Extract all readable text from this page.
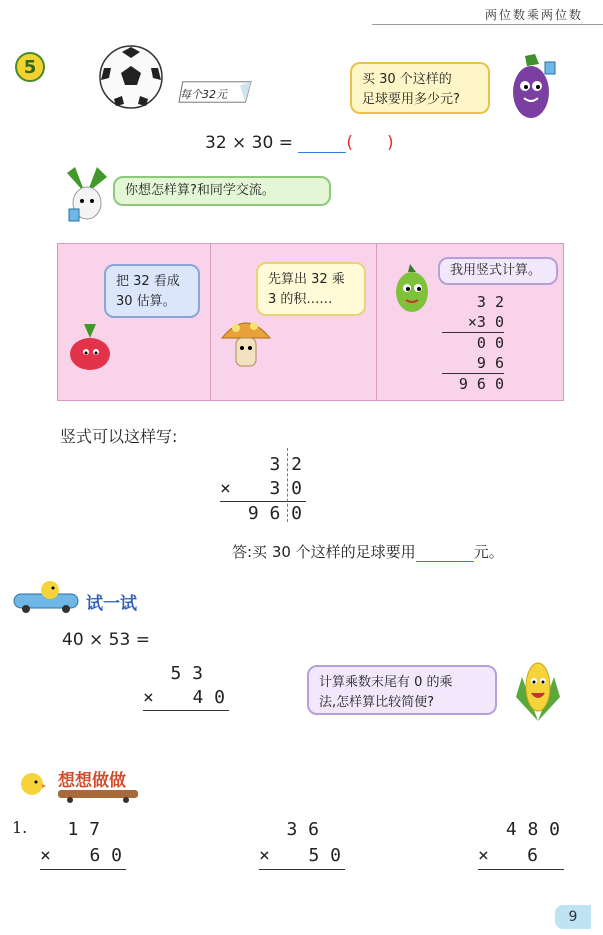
两位数乘两位数
5
每个32元
买 30 个这样的
足球要用多少元?
32 × 30 =	( )
你想怎样算?和同学交流。
把 32 看成
30 估算。
先算出 32 乘
3 的积……
我用竖式计算。
3 2
×3 0
0 0
9 6
9 6 0
竖式可以这样写:
3 2
× 3 0
9 6 0
答:买 30 个这样的足球要用	元。
试一试
40 × 53 =
5 3
× 4 0
计算乘数末尾有 0 的乘
法,怎样算比较简便?
想想做做
1.	1 7
× 6 0
3 6
× 5 0
4 8 0
× 6
9
